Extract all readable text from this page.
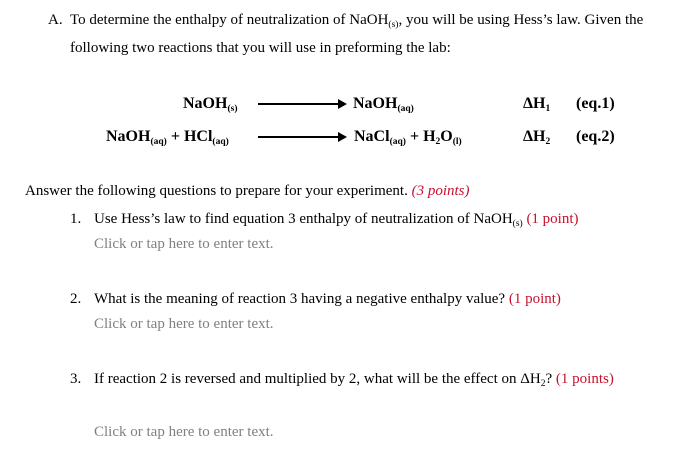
A. To determine the enthalpy of neutralization of NaOH$_{(s)}$, you will be using Hess’s law. Given the
following two reactions that you will use in preforming the lab:
NaOH$_{(s)}$	NaOH$_{(aq)}$	$\Delta H_1$ (eq.1)
NaOH$_{(aq)}$ + HCl$_{(aq)}$	NaCl$_{(aq)}$ + $H_2O_{(l)}$	$\Delta H_2$ (eq.2)
Answer the following questions to prepare for your experiment. (3 points)
1. Use Hess’s law to find equation 3 enthalpy of neutralization of NaOH$_{(s)}$ (1 point)
Click or tap here to enter text.
2. What is the meaning of reaction 3 having a negative enthalpy value? (1 point)
Click or tap here to enter text.
3. If reaction 2 is reversed and multiplied by 2, what will be the effect on $\Delta H_2$? (1 points)
Click or tap here to enter text.
